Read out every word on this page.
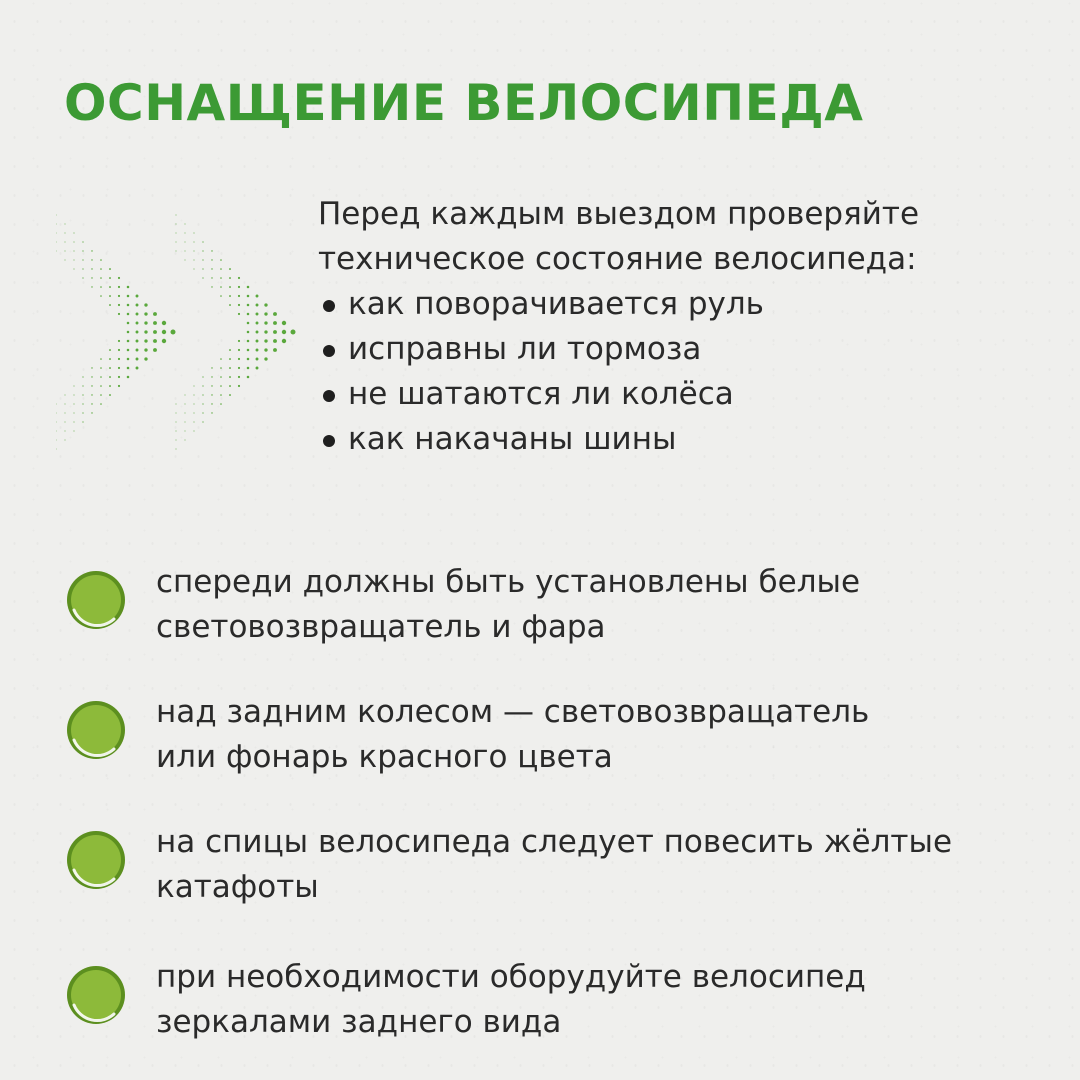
ОСНАЩЕНИЕ ВЕЛОСИПЕДА

Перед каждым выездом проверяйте

техническое состояние велосипеда:

как поворачивается руль
исправны ли тормоза
не шатаются ли колёса
как накачаны шины
спереди должны быть установлены белые
световозвращатель и фара
над задним колесом — световозвращатель
или фонарь красного цвета
на спицы велосипеда следует повесить жёлтые
катафоты
при необходимости оборудуйте велосипед
зеркалами заднего вида
